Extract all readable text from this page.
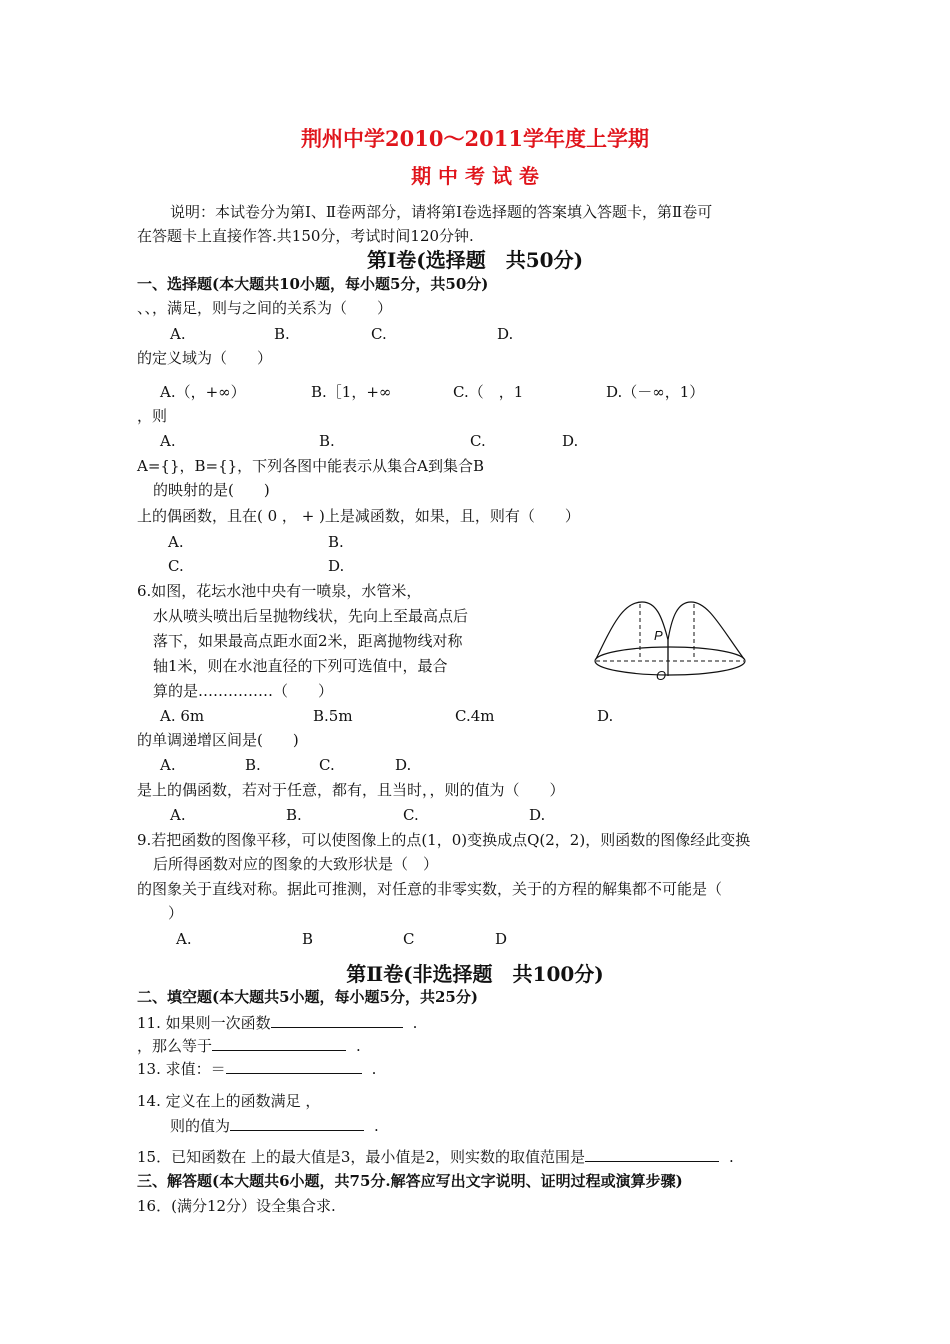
荆州中学2010～2011学年度上学期
期 中 考 试 卷
说明：本试卷分为第Ⅰ、Ⅱ卷两部分，请将第Ⅰ卷选择题的答案填入答题卡，第Ⅱ卷可
在答题卡上直接作答.共150分，考试时间120分钟.
第Ⅰ卷(选择题　共50分)
一、选择题(本大题共10小题，每小题5分，共50分)
、、，满足，则与之间的关系为（　　）
A.	B.	C.	D.
的定义域为（　　）
A.（，+∞）	B.［1，+∞	C.（　，1	D.（－∞，1）
，则
A.	B.	C.	D.
A={}，B={}，下列各图中能表示从集合A到集合B
的映射的是(　　)
上的偶函数，且在( 0 ， + )上是减函数，如果，且，则有（　　）
A.	B.
C.	D.
6.如图，花坛水池中央有一喷泉，水管米，
水从喷头喷出后呈抛物线状，先向上至最高点后
落下，如果最高点距水面2米，距离抛物线对称
轴1米，则在水池直径的下列可选值中，最合
算的是……………（　　）
A. 6m	B.5m	C.4m	D.
P
O
的单调递增区间是(　　)
A.	B.	C.	D.
是上的偶函数，若对于任意，都有，且当时，，则的值为（　　）
A.	B.	C.	D.
9.若把函数的图像平移，可以使图像上的点(1，0)变换成点Q(2，2)，则函数的图像经此变换
后所得函数对应的图象的大致形状是（　）
的图象关于直线对称。据此可推测，对任意的非零实数，关于的方程的解集都不可能是（
　）
A.	B	C	D
第Ⅱ卷(非选择题　共100分)
二、填空题(本大题共5小题，每小题5分，共25分)
11. 如果则一次函数	.
，那么等于	.
13. 求值：＝	.
14. 定义在上的函数满足 ，
则的值为	.
15．已知函数在 上的最大值是3，最小值是2，则实数的取值范围是	.
三、解答题(本大题共6小题，共75分.解答应写出文字说明、证明过程或演算步骤)
16．(满分12分）设全集合求.
